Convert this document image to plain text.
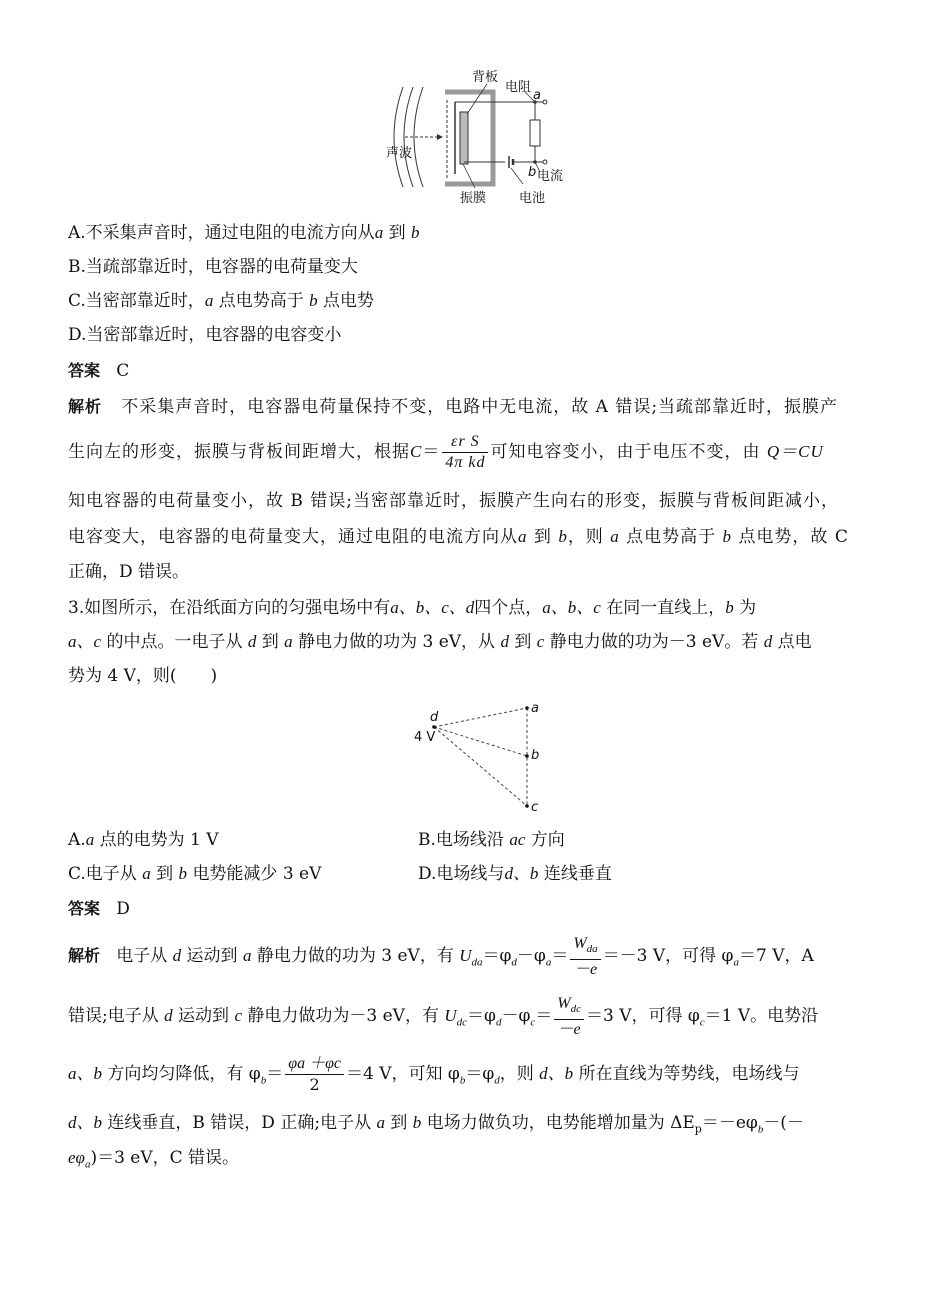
背板
电阻
a
声波
b 电流
振膜	电池
A.不采集声音时，通过电阻的电流方向从a 到 b
B.当疏部靠近时，电容器的电荷量变大
C.当密部靠近时，a 点电势高于 b 点电势
D.当密部靠近时，电容器的电容变小
答案 C
解析 不采集声音时，电容器电荷量保持不变，电路中无电流，故 A 错误;当疏部靠近时，振膜产
生向左的形变，振膜与背板间距增大，根据$C= \frac{\text{εr S}}{\text{4π kd}}$ 可知电容变小，由于电压不变，由 Q＝CU
知电容器的电荷量变小，故 B 错误;当密部靠近时，振膜产生向右的形变，振膜与背板间距减小，
电容变大，电容器的电荷量变大，通过电阻的电流方向从a 到 b，则 a 点电势高于 b 点电势，故 C
正确，D 错误。
3.如图所示，在沿纸面方向的匀强电场中有a、b、c、d四个点，a、b、c 在同一直线上，b 为
a、c 的中点。一电子从 d 到 a 静电力做的功为 3 eV，从 d 到 c 静电力做的功为－3 eV。若 d 点电
势为 4 V，则(　　)
d
4 V
a
b
c
A.a 点的电势为 1 V	B.电场线沿 ac 方向
C.电子从 a 到 b 电势能减少 3 eV	D.电场线与d、b 连线垂直
答案 D
解析 电子从 d 运动到 a 静电力做的功为 3 eV，有 $U_{da}=\varphi_d-\varphi_a= \frac{W_{da}}{-e} =-3$ V，可得 $\varphi_a=7$ V，A
错误;电子从 d 运动到 c 静电力做功为－3 eV，有 $U_{dc}=\varphi_d-\varphi_c= \frac{W_{dc}}{-e} =3$ V，可得 $\varphi_c=1$ V。电势沿
a、b 方向均匀降低，有 $\varphi_b= \frac{\varphi a +\varphi c}{2} =4$ V，可知 $\varphi_b=\varphi_d$，则 d、b 所在直线为等势线，电场线与
d、b 连线垂直，B 错误，D 正确;电子从 a 到 b 电场力做负功，电势能增加量为 $\Delta E_p=-e\varphi_b-(-$
$e\varphi_a)=3$ eV，C 错误。
